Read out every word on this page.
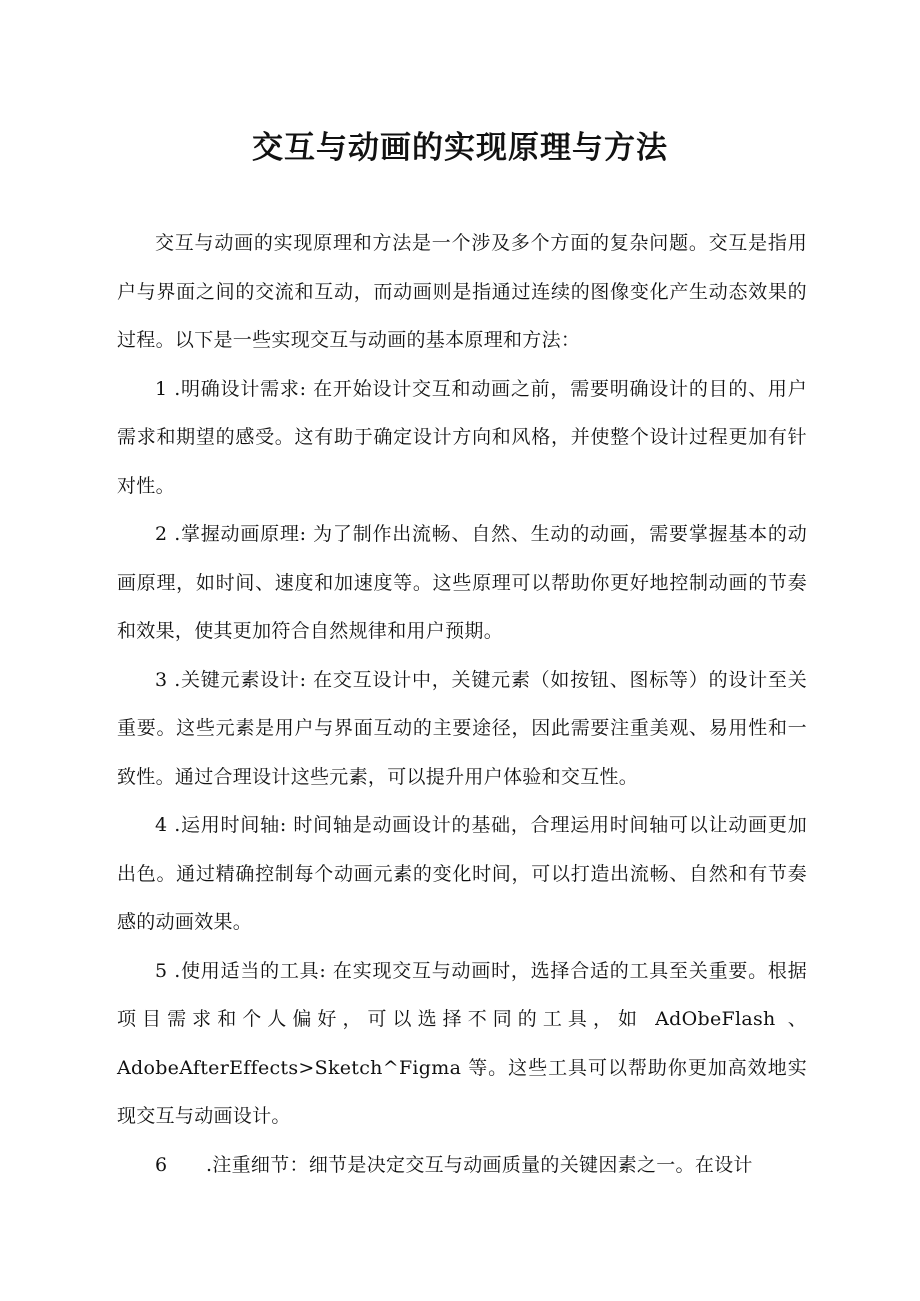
交互与动画的实现原理与方法

交互与动画的实现原理和方法是一个涉及多个方面的复杂问题。交互是指用户与界面之间的交流和互动，而动画则是指通过连续的图像变化产生动态效果的过程。以下是一些实现交互与动画的基本原理和方法：

1 .明确设计需求: 在开始设计交互和动画之前，需要明确设计的目的、用户需求和期望的感受。这有助于确定设计方向和风格，并使整个设计过程更加有针对性。

2 .掌握动画原理: 为了制作出流畅、自然、生动的动画，需要掌握基本的动画原理，如时间、速度和加速度等。这些原理可以帮助你更好地控制动画的节奏和效果，使其更加符合自然规律和用户预期。

3 .关键元素设计: 在交互设计中，关键元素（如按钮、图标等）的设计至关重要。这些元素是用户与界面互动的主要途径，因此需要注重美观、易用性和一致性。通过合理设计这些元素，可以提升用户体验和交互性。

4 .运用时间轴: 时间轴是动画设计的基础，合理运用时间轴可以让动画更加出色。通过精确控制每个动画元素的变化时间，可以打造出流畅、自然和有节奏感的动画效果。

5 .使用适当的工具: 在实现交互与动画时，选择合适的工具至关重要。根据项目需求和个人偏好，可以选择不同的工具，如 AdObeFlash 、AdobeAfterEffects>Sketch^Figma 等。这些工具可以帮助你更加高效地实现交互与动画设计。

6　　.注重细节：细节是决定交互与动画质量的关键因素之一。在设计
